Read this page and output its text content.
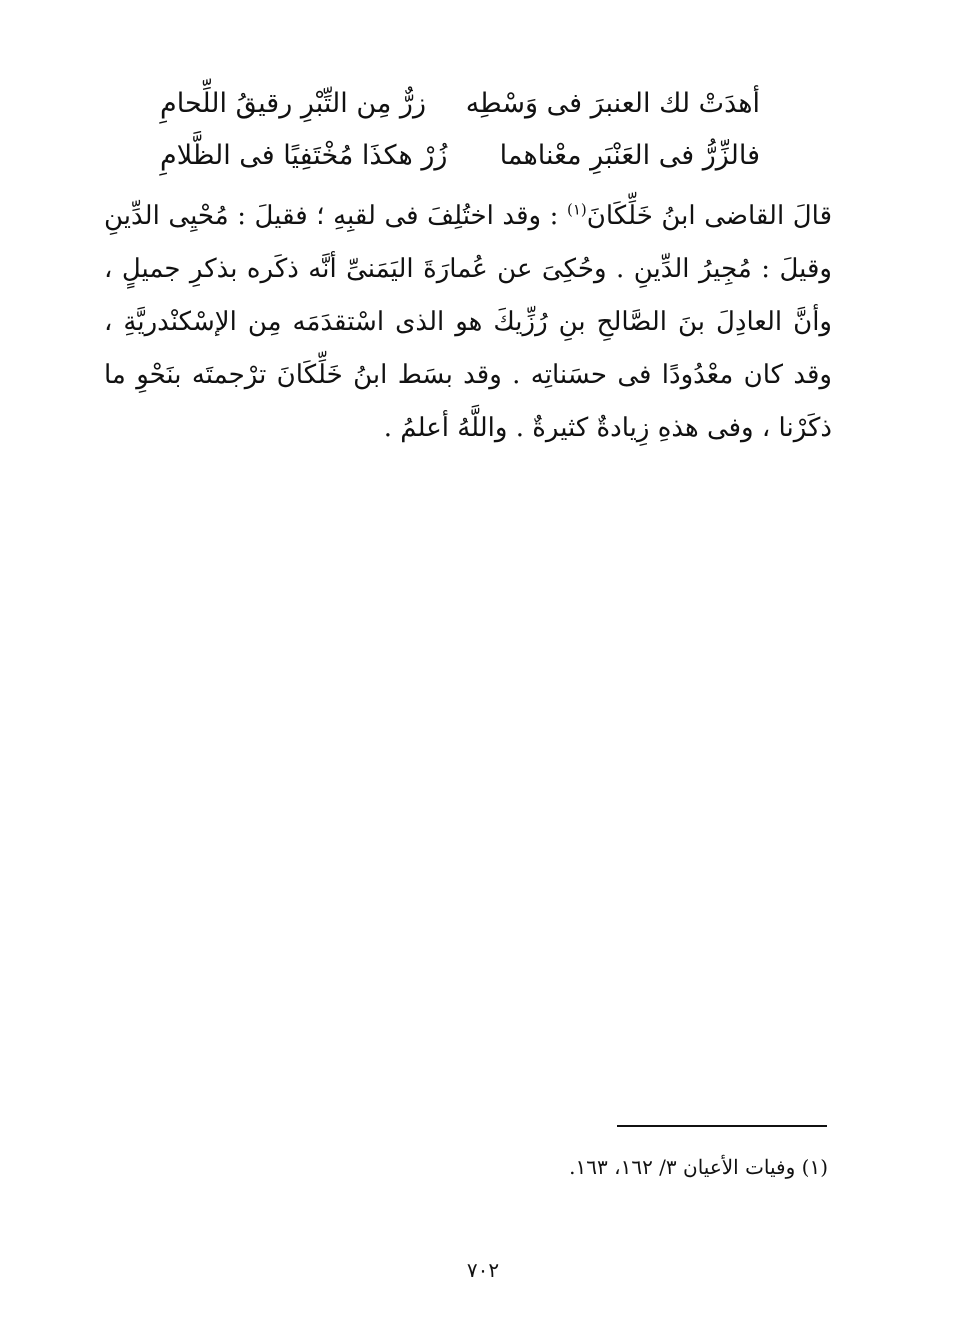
أهدَتْ لك العنبرَ فى وَسْطِه
زرٌّ مِن التِّبْرِ رقيقُ اللِّحامِ
فالزِّرُّ فى العَنْبَرِ معْناهما
زُرْ هكذَا مُخْتَفِيًا فى الظَّلامِ

قالَ القاضى ابنُ خَلِّكَانَ$^{(١)}$ : وقد اختُلِفَ فى لقبِهِ ؛ فقيلَ : مُحْيِى الدِّينِ وقيلَ : مُجِيرُ الدِّينِ . وحُكِىَ عن عُمارَةَ اليَمَنىِّ أنَّه ذكَره بذكرِ جميلٍ ، وأنَّ العادِلَ بنَ الصَّالحِ بنِ رُزِّيكَ هو الذى اسْتقدَمَه مِن الإسْكنْدريَّةِ ، وقد كان معْدُودًا فى حسَناتِه . وقد بسَط ابنُ خَلِّكَانَ ترْجمتَه بنَحْوِ ما ذكَرْنا ، وفى هذهِ زِيادةٌ كثيرةٌ . واللَّهُ أعلمُ .

(١) وفيات الأعيان ٣/ ١٦٢، ١٦٣.
٧٠٢
